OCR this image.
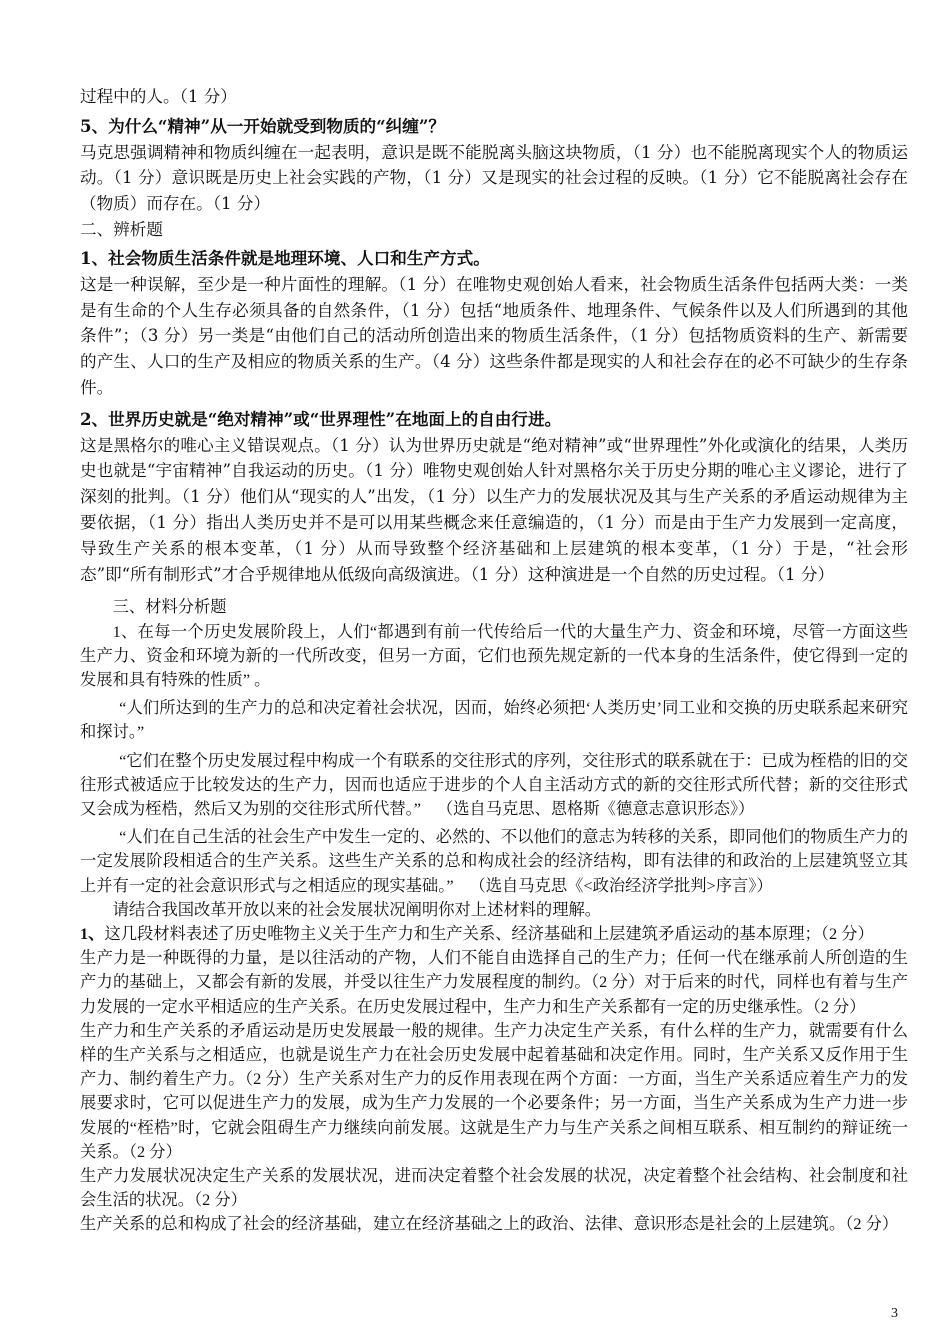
过程中的人。（1 分）

5、为什么“精神”从一开始就受到物质的“纠缠”？

马克思强调精神和物质纠缠在一起表明，意识是既不能脱离头脑这块物质，（1 分）也不能脱离现实个人的物质运动。（1 分）意识既是历史上社会实践的产物，（1 分）又是现实的社会过程的反映。（1 分）它不能脱离社会存在（物质）而存在。（1 分）

二、辨析题

1、社会物质生活条件就是地理环境、人口和生产方式。

这是一种误解，至少是一种片面性的理解。（1 分）在唯物史观创始人看来，社会物质生活条件包括两大类：一类是有生命的个人生存必须具备的自然条件，（1 分）包括“地质条件、地理条件、气候条件以及人们所遇到的其他条件”；（3 分）另一类是“由他们自己的活动所创造出来的物质生活条件，（1 分）包括物质资料的生产、新需要的产生、人口的生产及相应的物质关系的生产。（4 分）这些条件都是现实的人和社会存在的必不可缺少的生存条件。

2、世界历史就是“绝对精神”或“世界理性”在地面上的自由行进。

这是黑格尔的唯心主义错误观点。（1 分）认为世界历史就是“绝对精神”或“世界理性”外化或演化的结果，人类历史也就是“宇宙精神”自我运动的历史。（1 分）唯物史观创始人针对黑格尔关于历史分期的唯心主义谬论，进行了深刻的批判。（1 分）他们从“现实的人”出发，（1 分）以生产力的发展状况及其与生产关系的矛盾运动规律为主要依据，（1 分）指出人类历史并不是可以用某些概念来任意编造的，（1 分）而是由于生产力发展到一定高度，导致生产关系的根本变革，（1 分）从而导致整个经济基础和上层建筑的根本变革，（1 分）于是，“社会形态”即“所有制形式”才合乎规律地从低级向高级演进。（1 分）这种演进是一个自然的历史过程。（1 分）

三、材料分析题

1、在每一个历史发展阶段上，人们“都遇到有前一代传给后一代的大量生产力、资金和环境，尽管一方面这些生产力、资金和环境为新的一代所改变，但另一方面，它们也预先规定新的一代本身的生活条件，使它得到一定的发展和具有特殊的性质” 。

“人们所达到的生产力的总和决定着社会状况，因而，始终必须把‘人类历史’同工业和交换的历史联系起来研究和探讨。”

“它们在整个历史发展过程中构成一个有联系的交往形式的序列，交往形式的联系就在于：已成为桎梏的旧的交往形式被适应于比较发达的生产力，因而也适应于进步的个人自主活动方式的新的交往形式所代替；新的交往形式又会成为桎梏，然后又为别的交往形式所代替。” （选自马克思、恩格斯《德意志意识形态》）

“人们在自己生活的社会生产中发生一定的、必然的、不以他们的意志为转移的关系，即同他们的物质生产力的一定发展阶段相适合的生产关系。这些生产关系的总和构成社会的经济结构，即有法律的和政治的上层建筑竖立其上并有一定的社会意识形式与之相适应的现实基础。” （选自马克思《<政治经济学批判>序言》）

请结合我国改革开放以来的社会发展状况阐明你对上述材料的理解。

1、这几段材料表述了历史唯物主义关于生产力和生产关系、经济基础和上层建筑矛盾运动的基本原理；（2 分）

生产力是一种既得的力量，是以往活动的产物，人们不能自由选择自己的生产力；任何一代在继承前人所创造的生产力的基础上，又都会有新的发展，并受以往生产力发展程度的制约。（2 分）对于后来的时代，同样也有着与生产力发展的一定水平相适应的生产关系。在历史发展过程中，生产力和生产关系都有一定的历史继承性。（2 分）

生产力和生产关系的矛盾运动是历史发展最一般的规律。生产力决定生产关系，有什么样的生产力，就需要有什么样的生产关系与之相适应，也就是说生产力在社会历史发展中起着基础和决定作用。同时，生产关系又反作用于生产力、制约着生产力。（2 分）生产关系对生产力的反作用表现在两个方面：一方面，当生产关系适应着生产力的发展要求时，它可以促进生产力的发展，成为生产力发展的一个必要条件；另一方面，当生产关系成为生产力进一步发展的“桎梏”时，它就会阻碍生产力继续向前发展。这就是生产力与生产关系之间相互联系、相互制约的辩证统一关系。（2 分）

生产力发展状况决定生产关系的发展状况，进而决定着整个社会发展的状况，决定着整个社会结构、社会制度和社会生活的状况。（2 分）

生产关系的总和构成了社会的经济基础，建立在经济基础之上的政治、法律、意识形态是社会的上层建筑。（2 分）

3
